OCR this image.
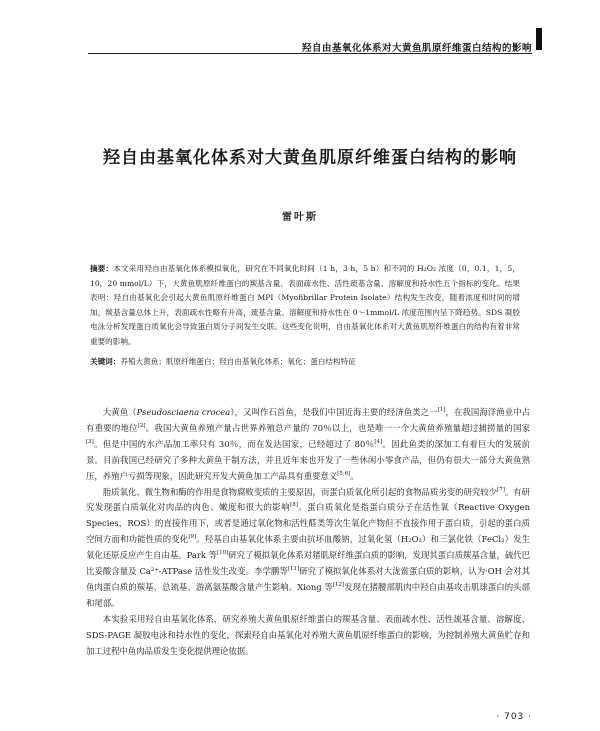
羟自由基氧化体系对大黄鱼肌原纤维蛋白结构的影响
羟自由基氧化体系对大黄鱼肌原纤维蛋白结构的影响
雷叶斯
摘要：本文采用羟自由基氧化体系模拟氧化，研究在不同氧化时间（1 h，3 h，5 h）和不同的 H₂O₂ 浓度（0，0.1，1，5，10，20 mmol/L）下，大黄鱼肌原纤维蛋白的羰基含量、表面疏水性、活性巯基含量、溶解度和持水性五个指标的变化。结果表明：羟自由基氧化会引起大黄鱼肌原纤维蛋白 MPI（Myofibrillar Protein Isolate）结构发生改变，随着浓度和时间的增加，羰基含量总体上升，表面疏水性略有升高，巯基含量、溶解度和持水性在 0～1mmol/L 浓度范围内呈下降趋势。SDS 凝胶电泳分析发现蛋白质氧化会导致蛋白质分子间发生交联。这些变化说明，自由基氧化体系对大黄鱼肌原纤维蛋白的结构有着非常重要的影响。
关键词：养殖大黄鱼；肌原纤维蛋白；羟自由基氧化体系；氧化；蛋白结构特征

大黄鱼（Pseudosciaena crocea），又叫作石首鱼，是我们中国近海主要的经济鱼类之一[1]，在我国海洋渔业中占有重要的地位[2]。我国大黄鱼养殖产量占世界养殖总产量的 70％以上，也是唯一一个大黄鱼养殖量超过捕捞量的国家[3]。但是中国的水产品加工率只有 30％，而在发达国家，已经超过了 80％[4]。因此鱼类的深加工有着巨大的发展前景。目前我国已经研究了多种大黄鱼干制方法，并且近年来也开发了一些休闲小零食产品，但仍有很大一部分大黄鱼熟压，养殖户亏损等现象，因此研究开发大黄鱼加工产品具有重要意义[5,6]。

脂质氧化、微生物和酶的作用是食物腐败变质的主要原因，而蛋白质氧化所引起的食物品质劣变的研究较少[7]。有研究发现蛋白质氧化对肉品的肉色、嫩度和很大的影响[8]。蛋白质氧化是指蛋白质分子在活性氧（Reactive Oxygen Species，ROS）的直接作用下，或者是通过氧化物和活性醛类等次生氧化产物但不直接作用于蛋白质，引起的蛋白质空间方面和功能性质的变化[9]。羟基自由基氧化体系主要由抗坏血酸钠，过氧化氢（H₂O₂）和三氯化铁（FeCl₃）发生氧化还原反应产生自由基。Park 等[10]研究了模拟氧化体系对猪肌原纤维蛋白质的影响，发现其蛋白质羰基含量，硫代巴比妥酸含量及 Ca²⁺-ATPase 活性发生改变。李学鹏等[11]研究了模拟氧化体系对大泷鲎蛋白质的影响，认为·OH 会对其鱼肉蛋白质的羰基、总巯基、游离氨基酸含量产生影响。Xiong 等[12]发现在猪腰部肌肉中羟自由基攻击肌球蛋白的头部和尾部。

本实验采用羟自由基氧化体系，研究养殖大黄鱼肌原纤维蛋白的羰基含量、表面疏水性、活性巯基含量、溶解度、SDS-PAGE 凝胶电泳和持水性的变化，探索羟自由基氧化对养殖大黄鱼肌原纤维蛋白的影响，为控制养殖大黄鱼贮存和加工过程中鱼肉品质发生变化提供理论依据。

· 703 ·
